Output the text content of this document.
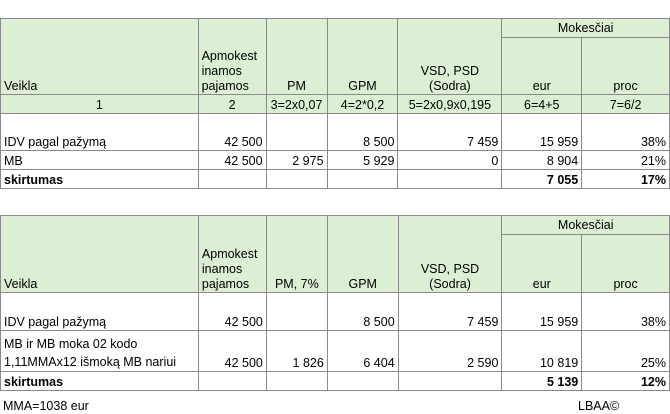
Veikla	Apmokest inamos pajamos	PM	GPM	VSD, PSD (Sodra)	Mokesčiai	
					eur	proc
1	2	3=2x0,07	4=2*0,2	5=2x0,9x0,195	6=4+5	7=6/2
IDV pagal pažymą	42 500		8 500	7 459	15 959	38%
MB	42 500	2 975	5 929	0	8 904	21%
skirtumas					7 055	17%
Veikla	Apmokest inamos pajamos	PM, 7%	GPM	VSD, PSD (Sodra)	Mokesčiai	
					eur	proc
IDV pagal pažymą	42 500		8 500	7 459	15 959	38%

MB ir MB moka 02 kodo
1,11MMAx12 išmoką MB nariui	42 500	1 826	6 404	2 590	10 819	25%
skirtumas					5 139	12%
MMA=1038 eur	LBAA©
